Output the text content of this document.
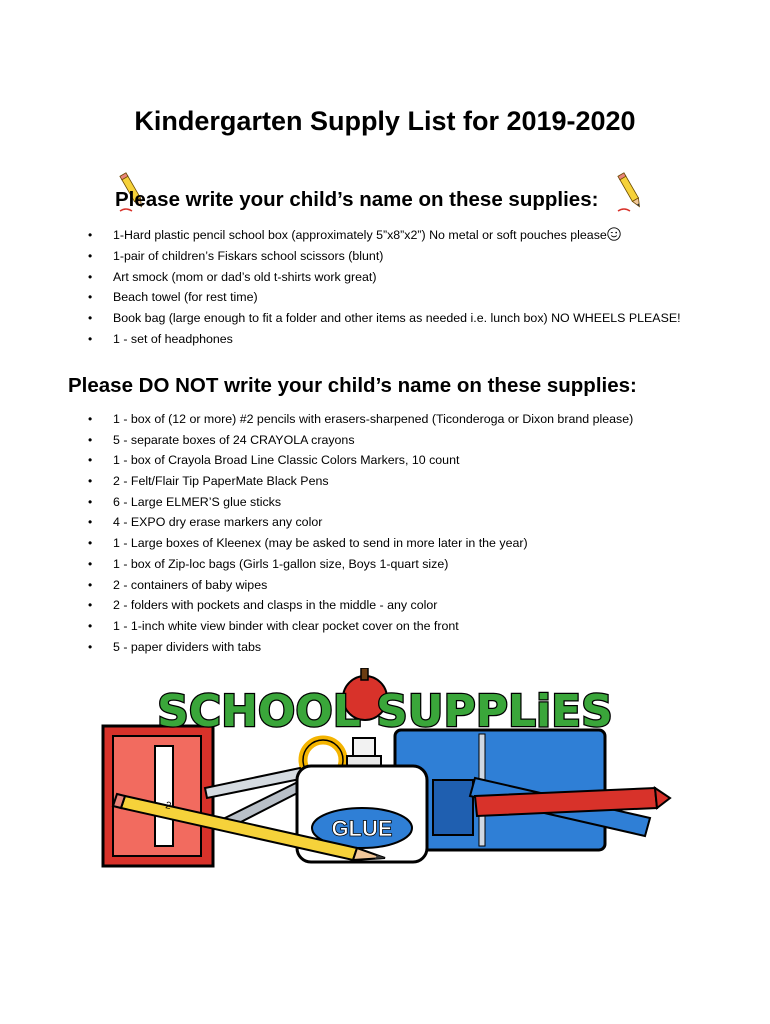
Kindergarten Supply List for 2019-2020
Please write your child’s name on these supplies:
• 1-Hard plastic pencil school box (approximately 5”x8”x2”) No metal or soft pouches please
• 1-pair of children’s Fiskars school scissors (blunt)
• Art smock (mom or dad’s old t-shirts work great)
• Beach towel (for rest time)
• Book bag (large enough to fit a folder and other items as needed i.e. lunch box) NO WHEELS PLEASE!
• 1 - set of headphones
Please DO NOT write your child’s name on these supplies:
• 1 - box of (12 or more) #2 pencils with erasers-sharpened (Ticonderoga or Dixon brand please)
• 5 - separate boxes of 24 CRAYOLA crayons
• 1 - box of Crayola Broad Line Classic Colors Markers, 10 count
• 2 - Felt/Flair Tip PaperMate Black Pens
• 6 - Large ELMER’S glue sticks
• 4 - EXPO dry erase markers any color
• 1 - Large boxes of Kleenex (may be asked to send in more later in the year)
• 1 - box of Zip-loc bags (Girls 1-gallon size, Boys 1-quart size)
• 2 - containers of baby wipes
• 2 - folders with pockets and clasps in the middle - any color
• 1 - 1-inch white view binder with clear pocket cover on the front
• 5 - paper dividers with tabs
GLUE
2
SCHOOL SUPPLiES
